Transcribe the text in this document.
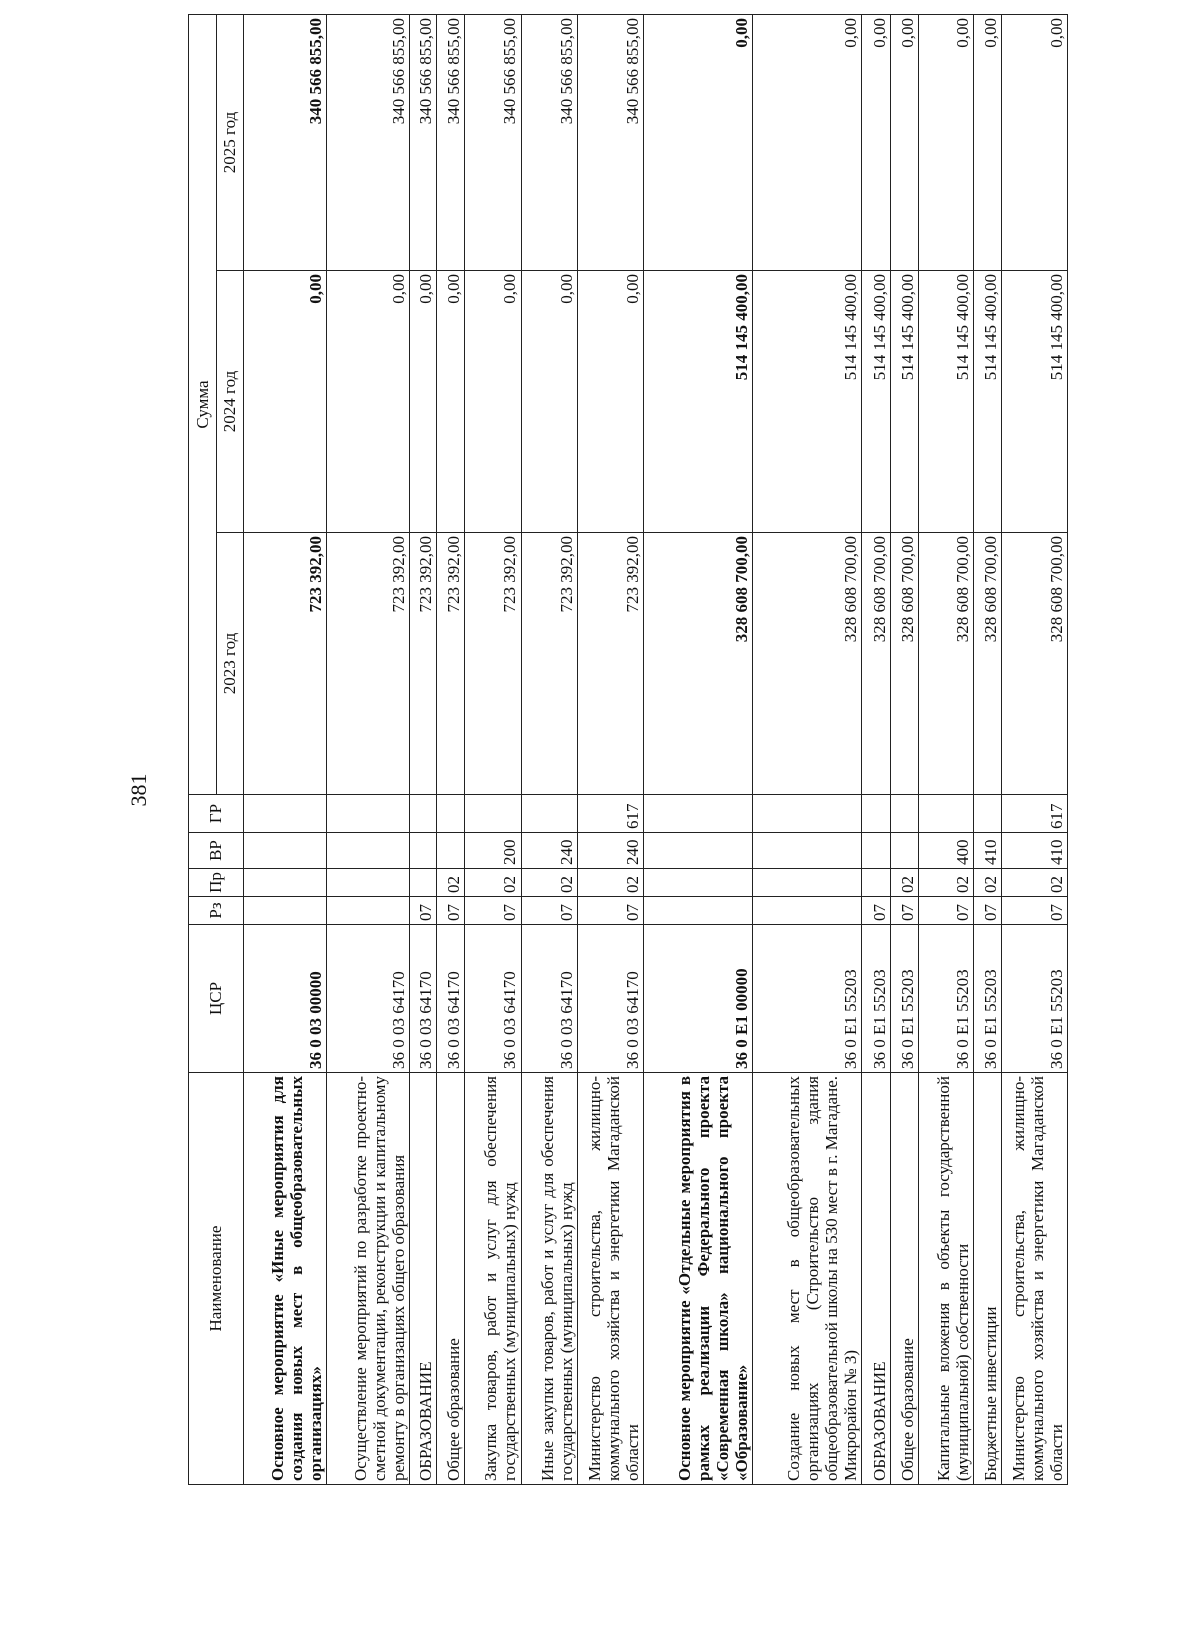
381
Наименование	ЦСР	Рз	Пр	ВР	ГР	Сумма		
						2023 год	2024 год	2025 год
Основное мероприятие «Иные мероприятия для создания новых мест в общеобразовательных организациях»	36 0 03 00000					723 392,00	0,00	340 566 855,00
Осуществление мероприятий по разработке проектно-сметной документации, реконструкции и капитальному ремонту в организациях общего образования	36 0 03 64170					723 392,00	0,00	340 566 855,00
ОБРАЗОВАНИЕ	36 0 03 64170	07				723 392,00	0,00	340 566 855,00
Общее образование	36 0 03 64170	07	02			723 392,00	0,00	340 566 855,00
Закупка товаров, работ и услуг для обеспечения государственных (муниципальных) нужд	36 0 03 64170	07	02	200		723 392,00	0,00	340 566 855,00
Иные закупки товаров, работ и услуг для обеспечения государственных (муниципальных) нужд	36 0 03 64170	07	02	240		723 392,00	0,00	340 566 855,00
Министерство строительства, жилищно-коммунального хозяйства и энергетики Магаданской области	36 0 03 64170	07	02	240	617	723 392,00	0,00	340 566 855,00
Основное мероприятие «Отдельные мероприятия в рамках реализации Федерального проекта «Современная школа» национального проекта «Образование»	36 0 E1 00000					328 608 700,00	514 145 400,00	0,00
Создание новых мест в общеобразовательных организациях (Строительство здания общеобразовательной школы на 530 мест в г. Магадане. Микрорайон № 3)	36 0 E1 55203					328 608 700,00	514 145 400,00	0,00
ОБРАЗОВАНИЕ	36 0 E1 55203	07				328 608 700,00	514 145 400,00	0,00
Общее образование	36 0 E1 55203	07	02			328 608 700,00	514 145 400,00	0,00
Капитальные вложения в объекты государственной (муниципальной) собственности	36 0 E1 55203	07	02	400		328 608 700,00	514 145 400,00	0,00
Бюджетные инвестиции	36 0 E1 55203	07	02	410		328 608 700,00	514 145 400,00	0,00
Министерство строительства, жилищно-коммунального хозяйства и энергетики Магаданской области	36 0 E1 55203	07	02	410	617	328 608 700,00	514 145 400,00	0,00
